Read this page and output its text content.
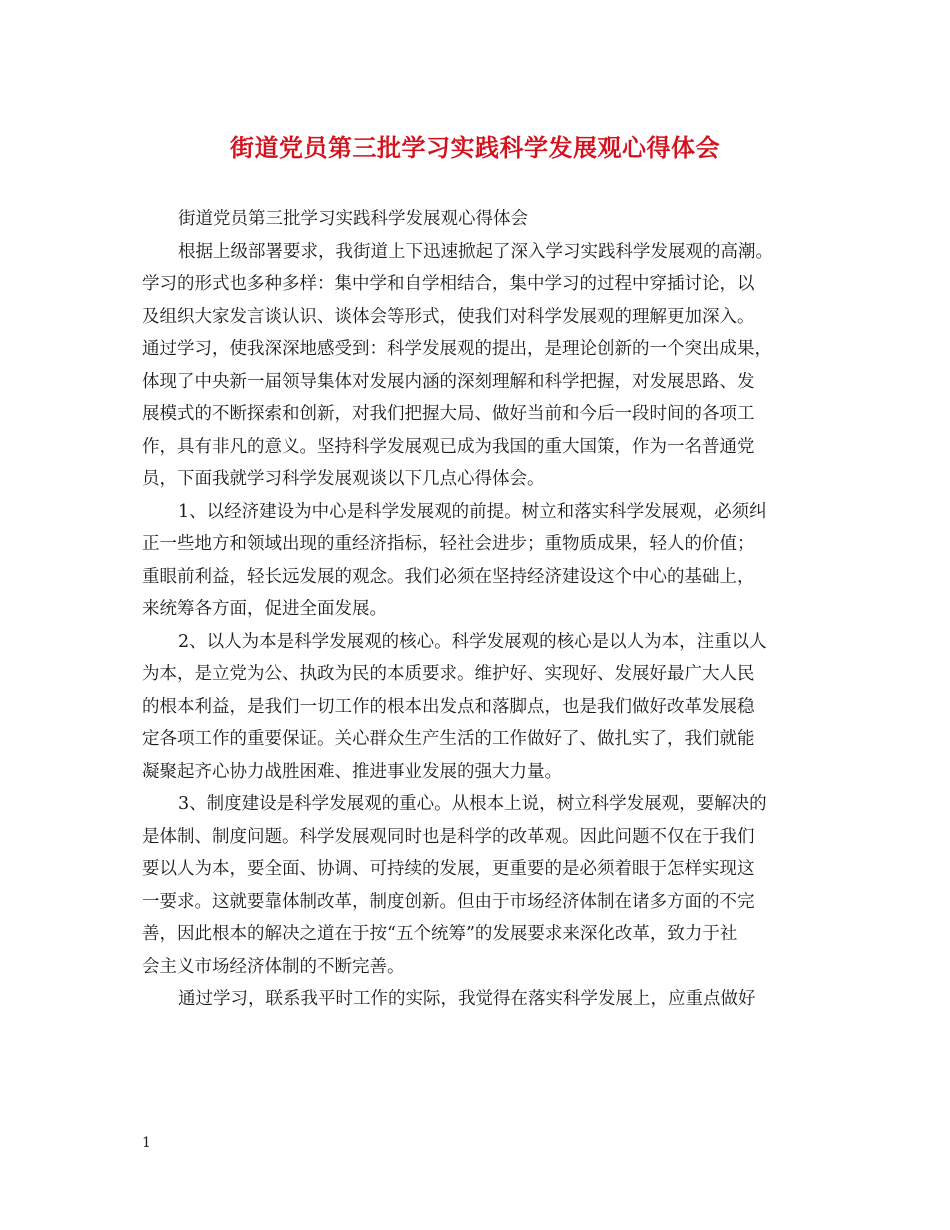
街道党员第三批学习实践科学发展观心得体会

街道党员第三批学习实践科学发展观心得体会

根据上级部署要求，我街道上下迅速掀起了深入学习实践科学发展观的高潮。

学习的形式也多种多样：集中学和自学相结合，集中学习的过程中穿插讨论，以

及组织大家发言谈认识、谈体会等形式，使我们对科学发展观的理解更加深入。

通过学习，使我深深地感受到：科学发展观的提出，是理论创新的一个突出成果，

体现了中央新一届领导集体对发展内涵的深刻理解和科学把握，对发展思路、发

展模式的不断探索和创新，对我们把握大局、做好当前和今后一段时间的各项工

作，具有非凡的意义。坚持科学发展观已成为我国的重大国策，作为一名普通党

员，下面我就学习科学发展观谈以下几点心得体会。

1、以经济建设为中心是科学发展观的前提。树立和落实科学发展观，必须纠

正一些地方和领域出现的重经济指标，轻社会进步；重物质成果，轻人的价值；

重眼前利益，轻长远发展的观念。我们必须在坚持经济建设这个中心的基础上，

来统筹各方面，促进全面发展。

2、以人为本是科学发展观的核心。科学发展观的核心是以人为本，注重以人

为本，是立党为公、执政为民的本质要求。维护好、实现好、发展好最广大人民

的根本利益，是我们一切工作的根本出发点和落脚点，也是我们做好改革发展稳

定各项工作的重要保证。关心群众生产生活的工作做好了、做扎实了，我们就能

凝聚起齐心协力战胜困难、推进事业发展的强大力量。

3、制度建设是科学发展观的重心。从根本上说，树立科学发展观，要解决的

是体制、制度问题。科学发展观同时也是科学的改革观。因此问题不仅在于我们

要以人为本，要全面、协调、可持续的发展，更重要的是必须着眼于怎样实现这

一要求。这就要靠体制改革，制度创新。但由于市场经济体制在诸多方面的不完

善，因此根本的解决之道在于按“五个统筹”的发展要求来深化改革，致力于社

会主义市场经济体制的不断完善。

通过学习，联系我平时工作的实际，我觉得在落实科学发展上，应重点做好

1
